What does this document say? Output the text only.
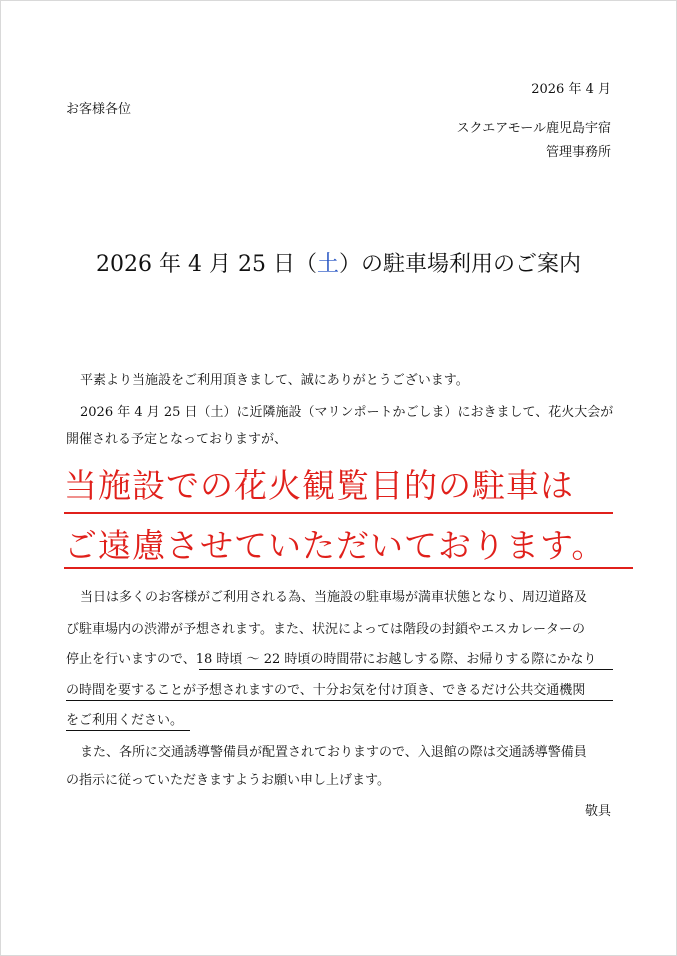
2026 年 4 月
お客様各位
スクエアモール鹿児島宇宿
管理事務所
2026 年 4 月 25 日（土）の駐車場利用のご案内
平素より当施設をご利用頂きまして、誠にありがとうございます。
2026 年 4 月 25 日（土）に近隣施設（マリンポートかごしま）におきまして、花火大会が
開催される予定となっておりますが、
当施設での花火観覧目的の駐車は
ご遠慮させていただいております。
当日は多くのお客様がご利用される為、当施設の駐車場が満車状態となり、周辺道路及
び駐車場内の渋滞が予想されます。また、状況によっては階段の封鎖やエスカレーターの
停止を行いますので、18 時頃 ～ 22 時頃の時間帯にお越しする際、お帰りする際にかなり
の時間を要することが予想されますので、十分お気を付け頂き、できるだけ公共交通機関
をご利用ください。
また、各所に交通誘導警備員が配置されておりますので、入退館の際は交通誘導警備員
の指示に従っていただきますようお願い申し上げます。
敬具
